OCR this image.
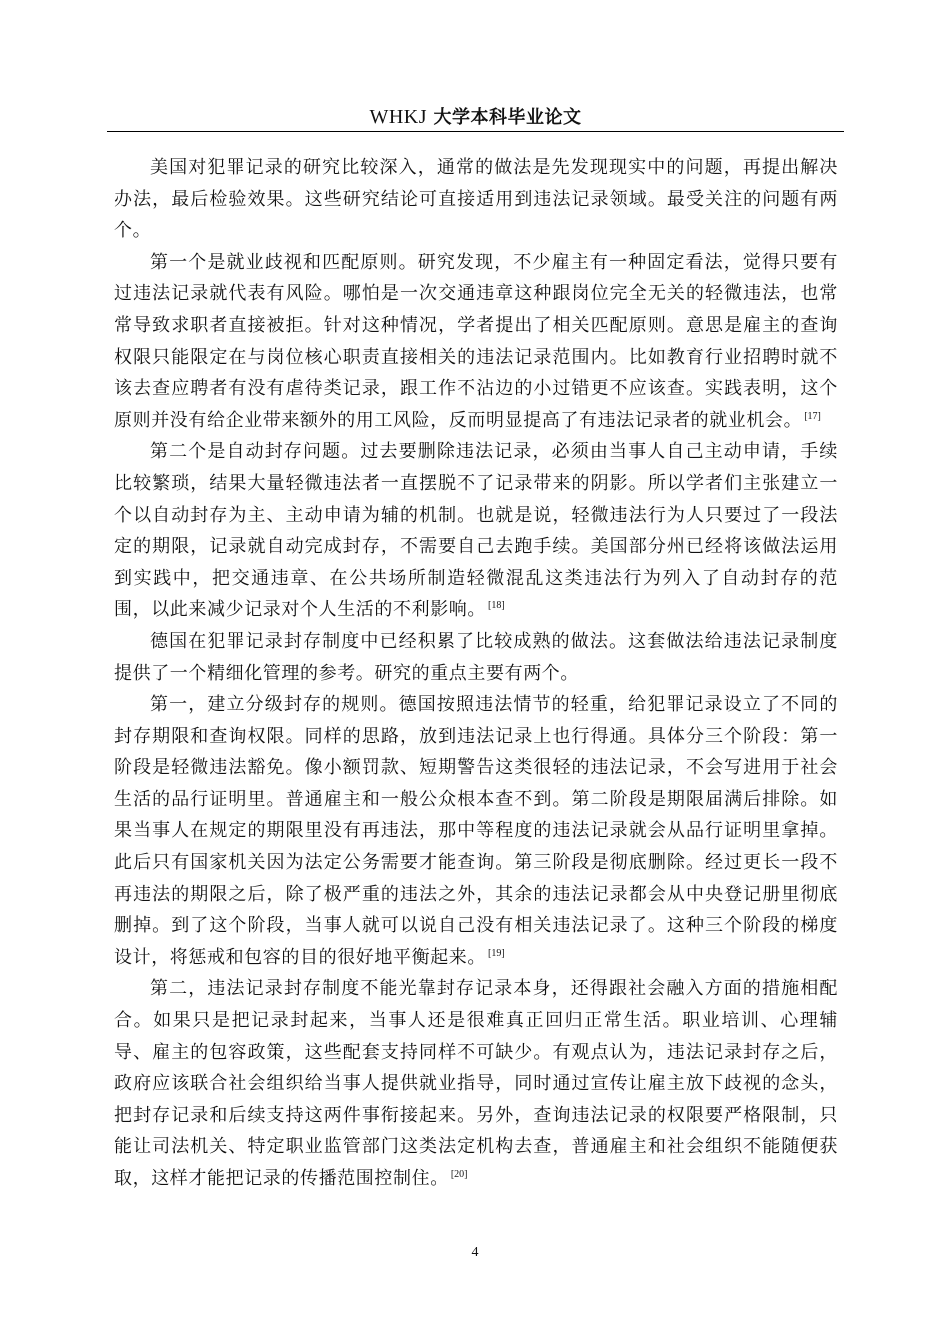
WHKJ 大学本科毕业论文

美国对犯罪记录的研究比较深入，通常的做法是先发现现实中的问题，再提出解决办法，最后检验效果。这些研究结论可直接适用到违法记录领域。最受关注的问题有两个。

第一个是就业歧视和匹配原则。研究发现，不少雇主有一种固定看法，觉得只要有过违法记录就代表有风险。哪怕是一次交通违章这种跟岗位完全无关的轻微违法，也常常导致求职者直接被拒。针对这种情况，学者提出了相关匹配原则。意思是雇主的查询权限只能限定在与岗位核心职责直接相关的违法记录范围内。比如教育行业招聘时就不该去查应聘者有没有虐待类记录，跟工作不沾边的小过错更不应该查。实践表明，这个原则并没有给企业带来额外的用工风险，反而明显提高了有违法记录者的就业机会。 [17]

第二个是自动封存问题。过去要删除违法记录，必须由当事人自己主动申请，手续比较繁琐，结果大量轻微违法者一直摆脱不了记录带来的阴影。所以学者们主张建立一个以自动封存为主、主动申请为辅的机制。也就是说，轻微违法行为人只要过了一段法定的期限，记录就自动完成封存，不需要自己去跑手续。美国部分州已经将该做法运用到实践中，把交通违章、在公共场所制造轻微混乱这类违法行为列入了自动封存的范围，以此来减少记录对个人生活的不利影响。 [18]

德国在犯罪记录封存制度中已经积累了比较成熟的做法。这套做法给违法记录制度提供了一个精细化管理的参考。研究的重点主要有两个。

第一，建立分级封存的规则。德国按照违法情节的轻重，给犯罪记录设立了不同的封存期限和查询权限。同样的思路，放到违法记录上也行得通。具体分三个阶段：第一阶段是轻微违法豁免。像小额罚款、短期警告这类很轻的违法记录，不会写进用于社会生活的品行证明里。普通雇主和一般公众根本查不到。第二阶段是期限届满后排除。如果当事人在规定的期限里没有再违法，那中等程度的违法记录就会从品行证明里拿掉。此后只有国家机关因为法定公务需要才能查询。第三阶段是彻底删除。经过更长一段不再违法的期限之后，除了极严重的违法之外，其余的违法记录都会从中央登记册里彻底删掉。到了这个阶段，当事人就可以说自己没有相关违法记录了。这种三个阶段的梯度设计，将惩戒和包容的目的很好地平衡起来。 [19]

第二，违法记录封存制度不能光靠封存记录本身，还得跟社会融入方面的措施相配合。如果只是把记录封起来，当事人还是很难真正回归正常生活。职业培训、心理辅导、雇主的包容政策，这些配套支持同样不可缺少。有观点认为，违法记录封存之后，政府应该联合社会组织给当事人提供就业指导，同时通过宣传让雇主放下歧视的念头，把封存记录和后续支持这两件事衔接起来。另外，查询违法记录的权限要严格限制，只能让司法机关、特定职业监管部门这类法定机构去查，普通雇主和社会组织不能随便获取，这样才能把记录的传播范围控制住。 [20]

4
